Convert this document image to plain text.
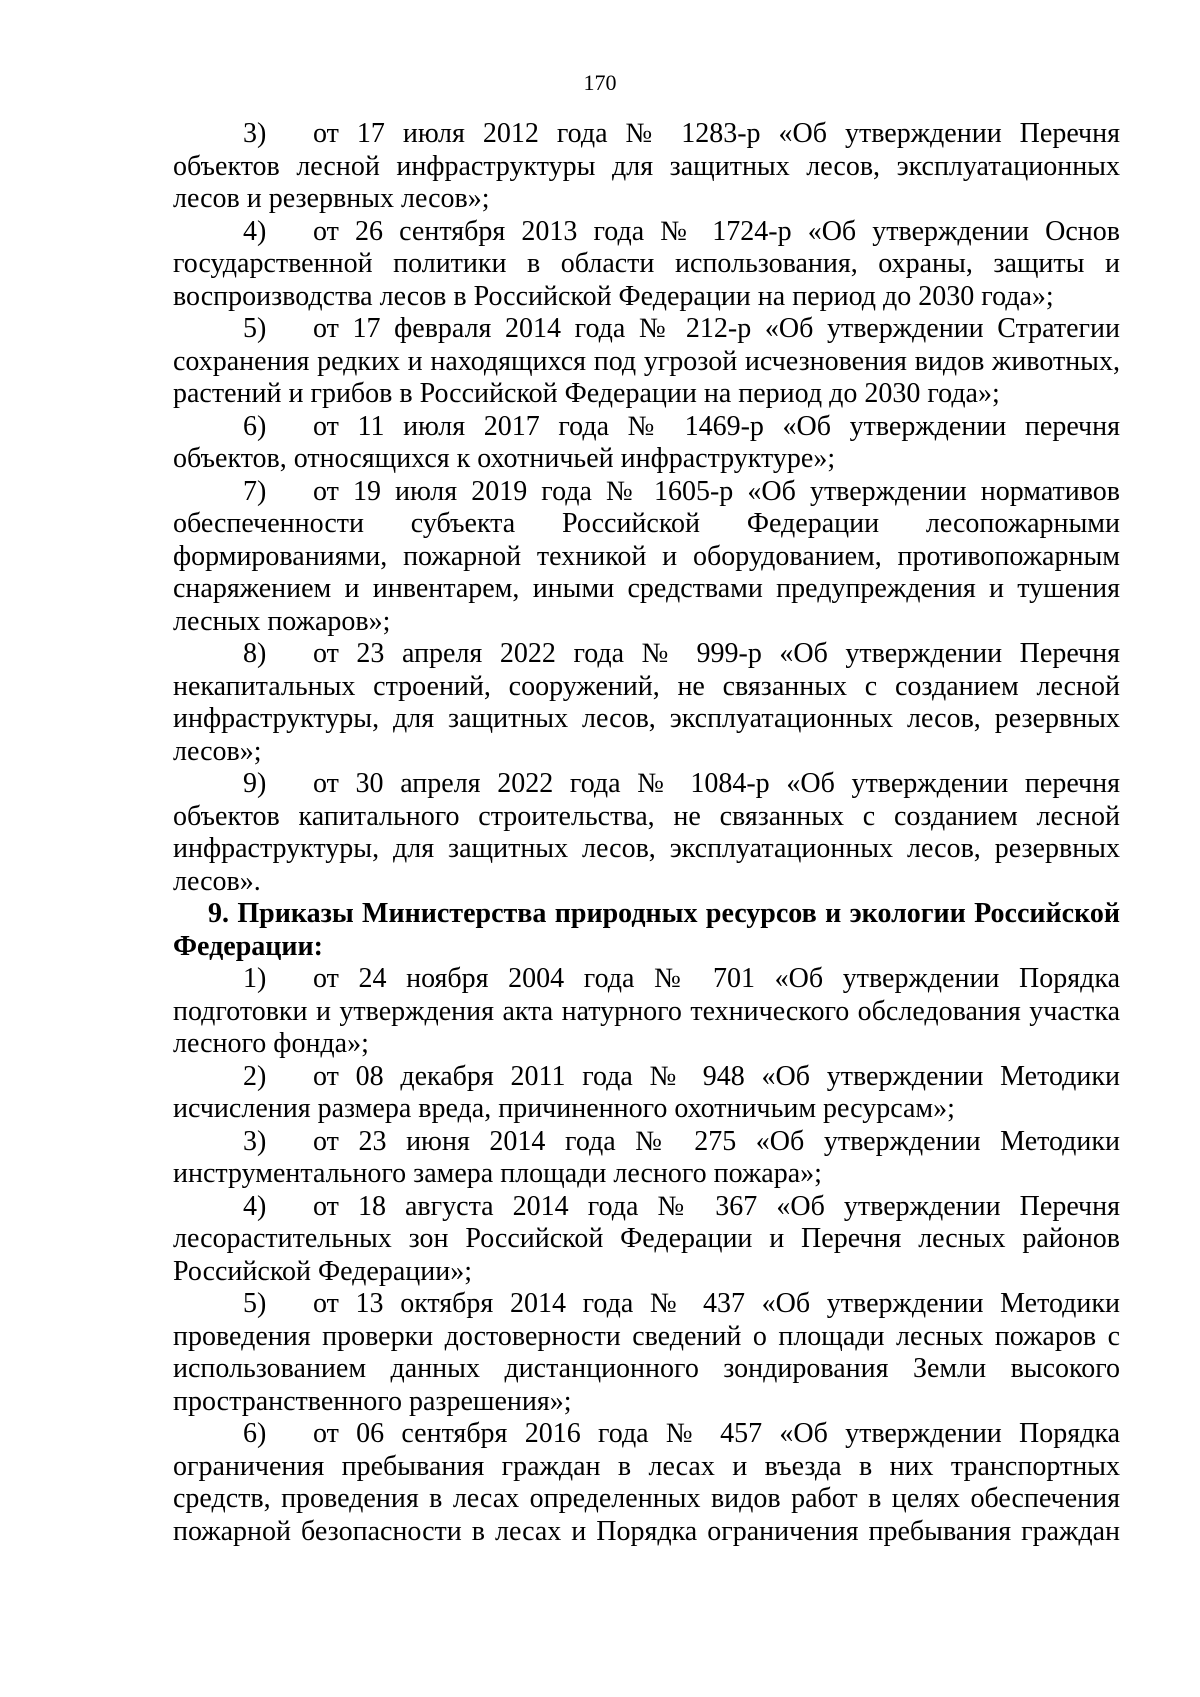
170

3) от 17 июля 2012 года № 1283-р «Об утверждении Перечня объектов лесной инфраструктуры для защитных лесов, эксплуатационных лесов и резервных лесов»;

4) от 26 сентября 2013 года № 1724-р «Об утверждении Основ государственной политики в области использования, охраны, защиты и воспроизводства лесов в Российской Федерации на период до 2030 года»;

5) от 17 февраля 2014 года № 212-р «Об утверждении Стратегии сохранения редких и находящихся под угрозой исчезновения видов животных, растений и грибов в Российской Федерации на период до 2030 года»;

6) от 11 июля 2017 года № 1469-р «Об утверждении перечня объектов, относящихся к охотничьей инфраструктуре»;

7) от 19 июля 2019 года № 1605-р «Об утверждении нормативов обеспеченности субъекта Российской Федерации лесопожарными формированиями, пожарной техникой и оборудованием, противопожарным снаряжением и инвентарем, иными средствами предупреждения и тушения лесных пожаров»;

8) от 23 апреля 2022 года № 999-р «Об утверждении Перечня некапитальных строений, сооружений, не связанных с созданием лесной инфраструктуры, для защитных лесов, эксплуатационных лесов, резервных лесов»;

9) от 30 апреля 2022 года № 1084-р «Об утверждении перечня объектов капитального строительства, не связанных с созданием лесной инфраструктуры, для защитных лесов, эксплуатационных лесов, резервных лесов».

9. Приказы Министерства природных ресурсов и экологии Российской Федерации:

1) от 24 ноября 2004 года № 701 «Об утверждении Порядка подготовки и утверждения акта натурного технического обследования участка лесного фонда»;

2) от 08 декабря 2011 года № 948 «Об утверждении Методики исчисления размера вреда, причиненного охотничьим ресурсам»;

3) от 23 июня 2014 года № 275 «Об утверждении Методики инструментального замера площади лесного пожара»;

4) от 18 августа 2014 года № 367 «Об утверждении Перечня лесорастительных зон Российской Федерации и Перечня лесных районов Российской Федерации»;

5) от 13 октября 2014 года № 437 «Об утверждении Методики проведения проверки достоверности сведений о площади лесных пожаров с использованием данных дистанционного зондирования Земли высокого пространственного разрешения»;

6) от 06 сентября 2016 года № 457 «Об утверждении Порядка ограничения пребывания граждан в лесах и въезда в них транспортных средств, проведения в лесах определенных видов работ в целях обеспечения пожарной безопасности в лесах и Порядка ограничения пребывания граждан
